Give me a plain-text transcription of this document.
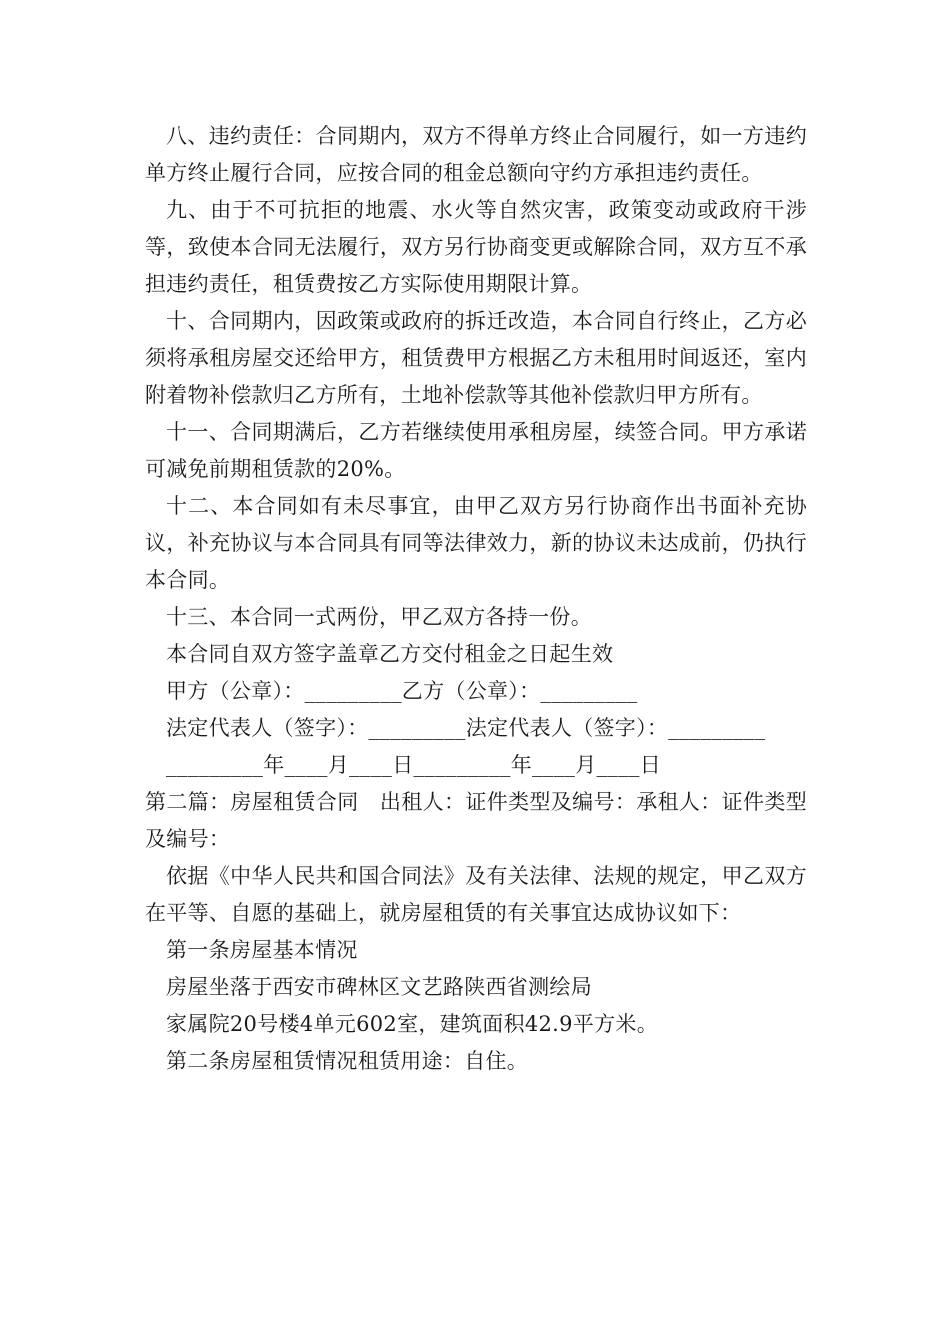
八、违约责任：合同期内，双方不得单方终止合同履行，如一方违约单方终止履行合同，应按合同的租金总额向守约方承担违约责任。

九、由于不可抗拒的地震、水火等自然灾害，政策变动或政府干涉等，致使本合同无法履行，双方另行协商变更或解除合同，双方互不承担违约责任，租赁费按乙方实际使用期限计算。

十、合同期内，因政策或政府的拆迁改造，本合同自行终止，乙方必须将承租房屋交还给甲方，租赁费甲方根据乙方未租用时间返还，室内附着物补偿款归乙方所有，土地补偿款等其他补偿款归甲方所有。

十一、合同期满后，乙方若继续使用承租房屋，续签合同。甲方承诺可减免前期租赁款的20%。

十二、本合同如有未尽事宜，由甲乙双方另行协商作出书面补充协议，补充协议与本合同具有同等法律效力，新的协议未达成前，仍执行本合同。

十三、本合同一式两份，甲乙双方各持一份。

本合同自双方签字盖章乙方交付租金之日起生效

甲方（公章）：_________乙方（公章）：_________

法定代表人（签字）：_________法定代表人（签字）：_________

_________年____月____日_________年____月____日

第二篇：房屋租赁合同　出租人：证件类型及编号：承租人：证件类型及编号：

依据《中华人民共和国合同法》及有关法律、法规的规定，甲乙双方在平等、自愿的基础上，就房屋租赁的有关事宜达成协议如下：

第一条房屋基本情况

房屋坐落于西安市碑林区文艺路陕西省测绘局

家属院20号楼4单元602室，建筑面积42.9平方米。

第二条房屋租赁情况租赁用途：自住。
